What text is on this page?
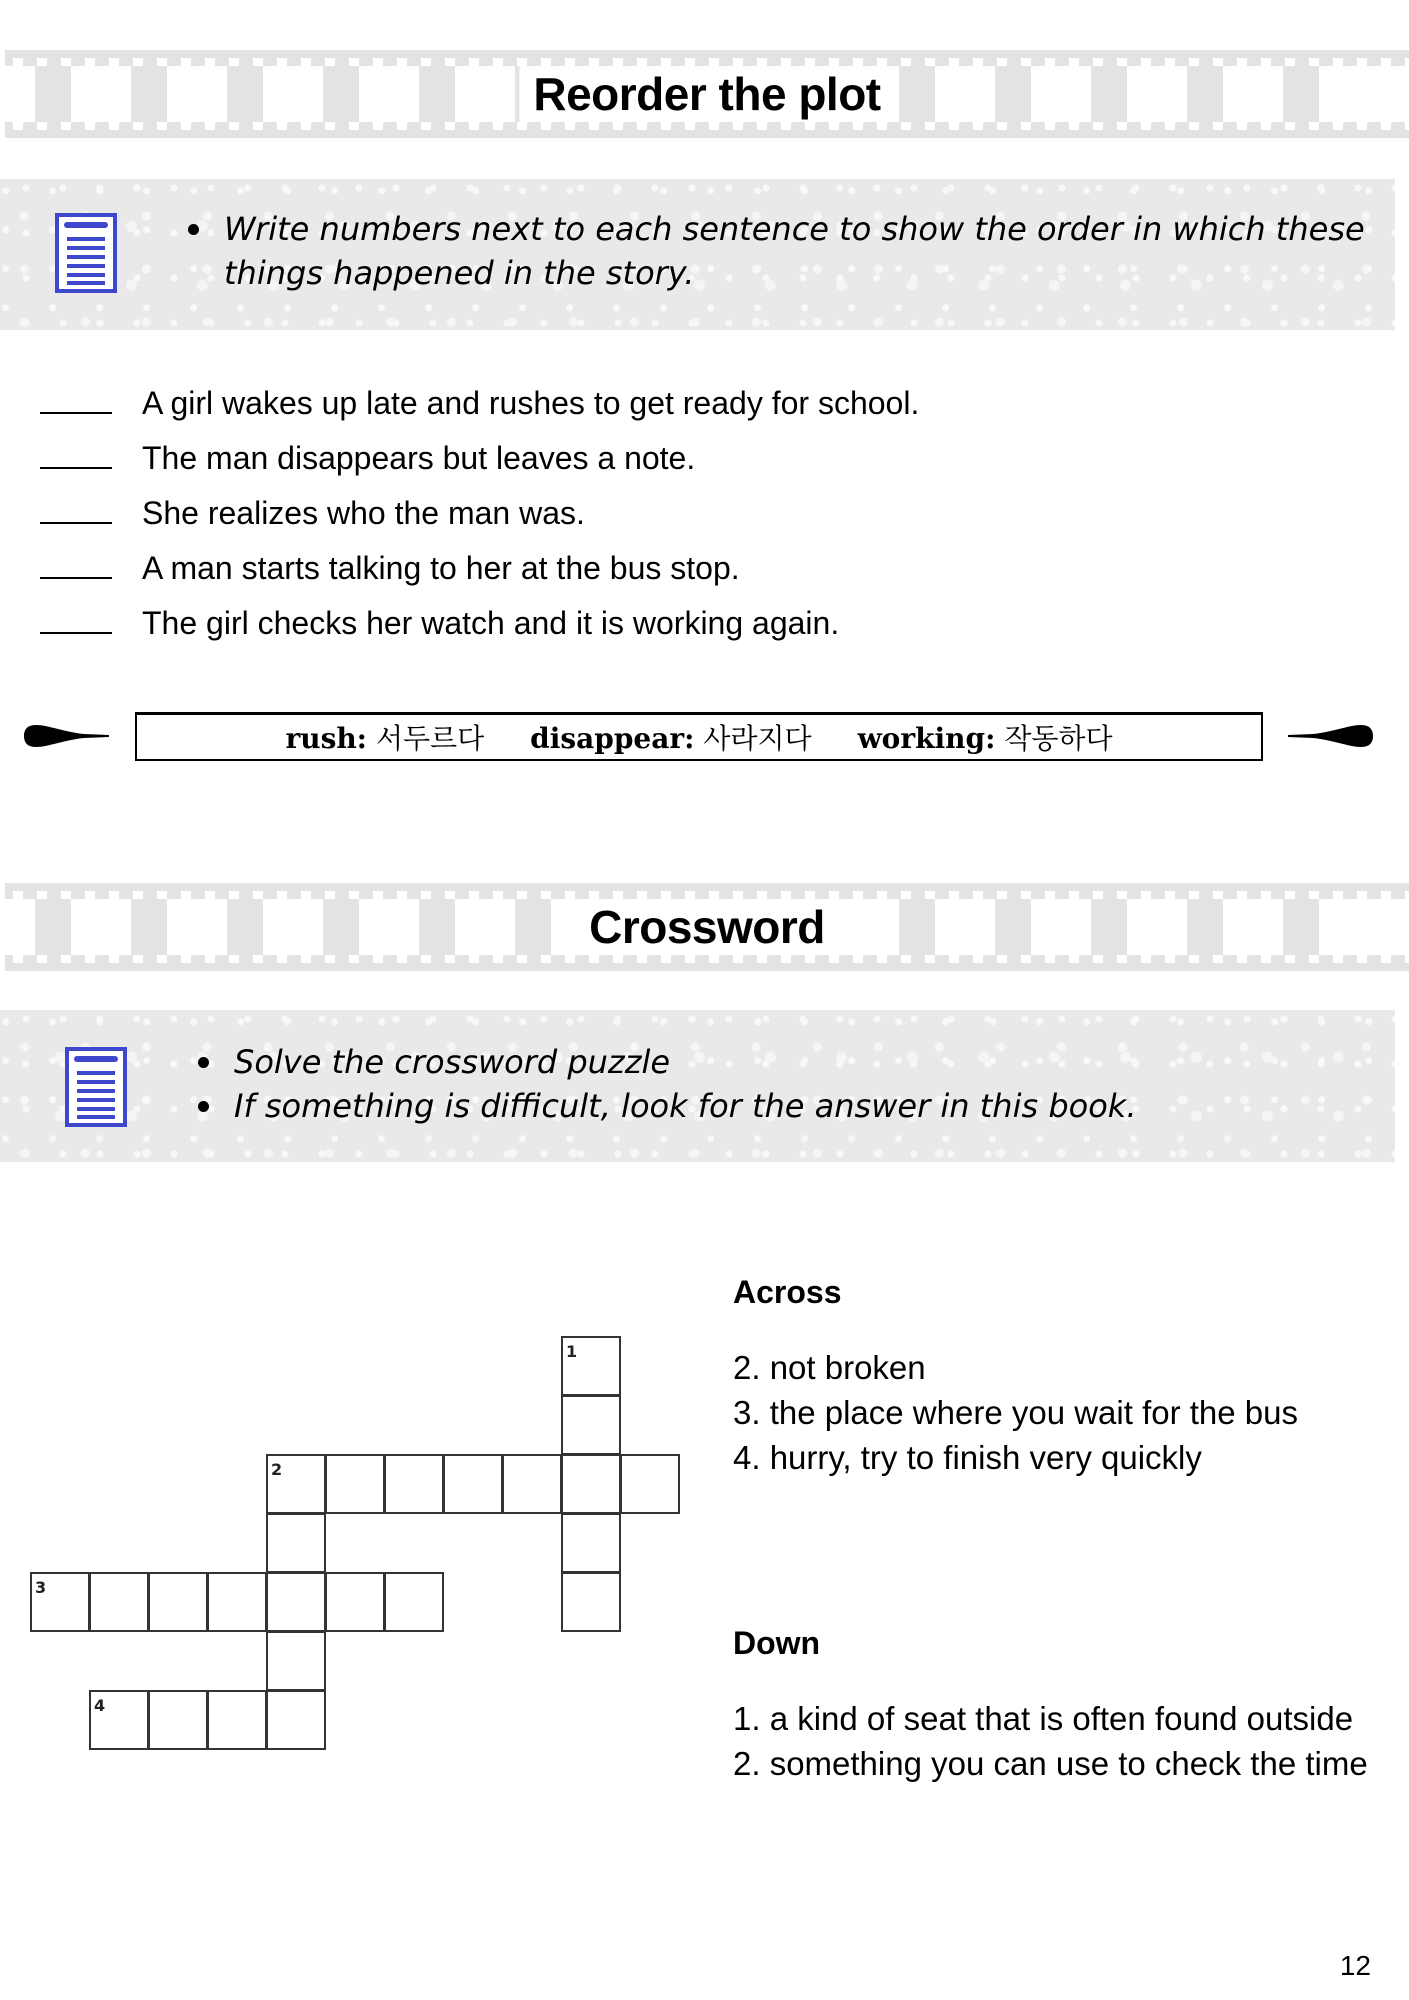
Reorder the plot
Write numbers next to each sentence to show the order in which these things happened in the story.
A girl wakes up late and rushes to get ready for school.
The man disappears but leaves a note.
She realizes who the man was.
A man starts talking to her at the bus stop.
The girl checks her watch and it is working again.
rush: 서두르다 disappear: 사라지다 working: 작동하다
Crossword
Solve the crossword puzzle
If something is difficult, look for the answer in this book.
1
2
3
4
Across
2. not broken
3. the place where you wait for the bus
4. hurry, try to finish very quickly
Down
1. a kind of seat that is often found outside
2. something you can use to check the time
12
